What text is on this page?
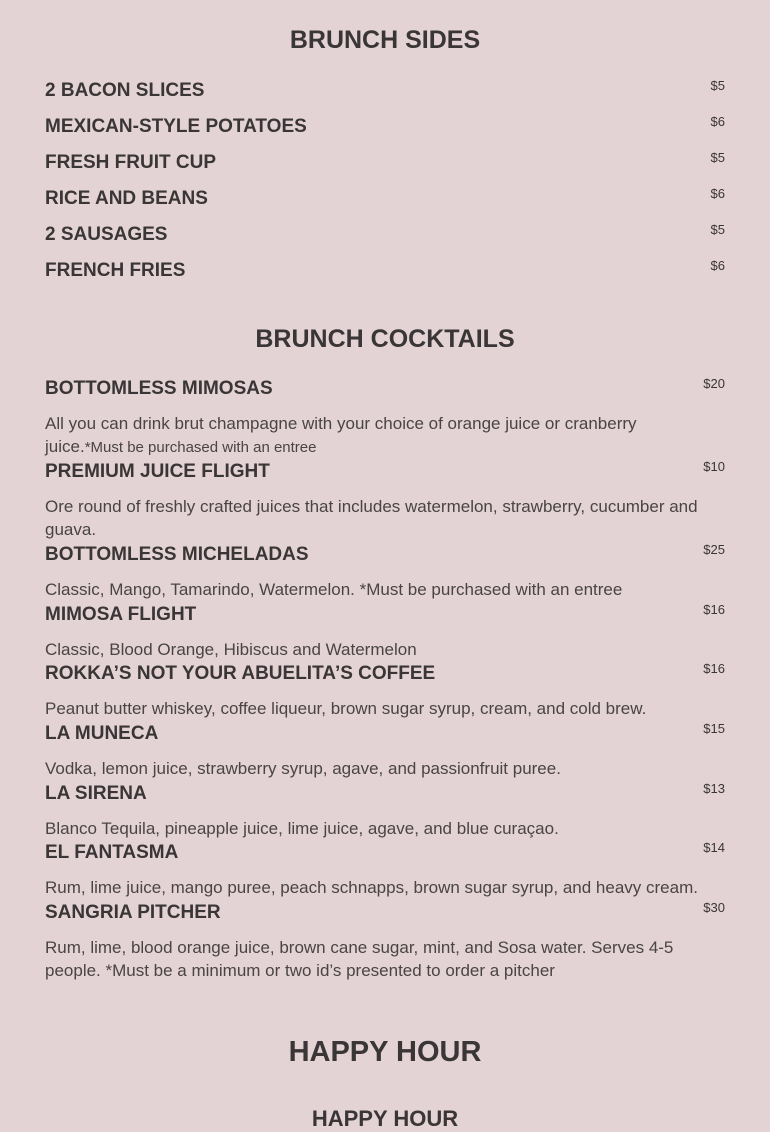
BRUNCH SIDES
2 BACON SLICES	$5
MEXICAN-STYLE POTATOES	$6
FRESH FRUIT CUP	$5
RICE AND BEANS	$6
2 SAUSAGES	$5
FRENCH FRIES	$6
BRUNCH COCKTAILS
BOTTOMLESS MIMOSAS	$20
All you can drink brut champagne with your choice of orange juice or cranberry juice.*Must be purchased with an entree
PREMIUM JUICE FLIGHT	$10
Ore round of freshly crafted juices that includes watermelon, strawberry, cucumber and guava.
BOTTOMLESS MICHELADAS	$25
Classic, Mango, Tamarindo, Watermelon. *Must be purchased with an entree
MIMOSA FLIGHT	$16
Classic, Blood Orange, Hibiscus and Watermelon
ROKKA’S NOT YOUR ABUELITA’S COFFEE	$16
Peanut butter whiskey, coffee liqueur, brown sugar syrup, cream, and cold brew.
LA MUNECA	$15
Vodka, lemon juice, strawberry syrup, agave, and passionfruit puree.
LA SIRENA	$13
Blanco Tequila, pineapple juice, lime juice, agave, and blue curaçao.
EL FANTASMA	$14
Rum, lime juice, mango puree, peach schnapps, brown sugar syrup, and heavy cream.
SANGRIA PITCHER	$30
Rum, lime, blood orange juice, brown cane sugar, mint, and Sosa water. Serves 4-5 people. *Must be a minimum or two id’s presented to order a pitcher
HAPPY HOUR
HAPPY HOUR
